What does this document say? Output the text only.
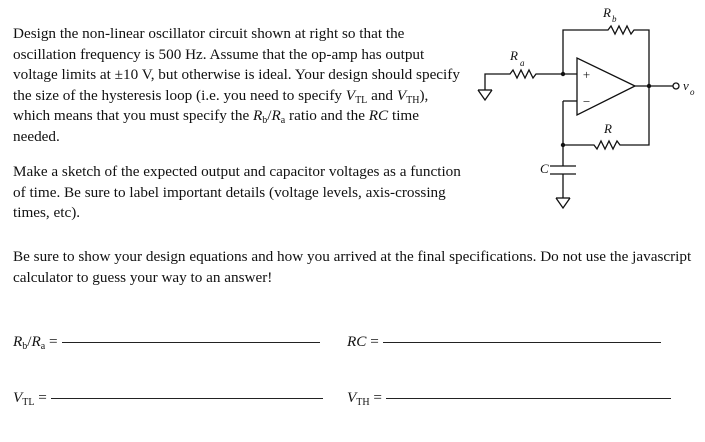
Design the non-linear oscillator circuit shown at right so that the oscillation frequency is 500 Hz. Assume that the op-amp has output voltage limits at ±10 V, but otherwise is ideal. Your design should specify the size of the hysteresis loop (i.e. you need to specify $V_{TL}$ and $V_{TH}$), which means that you must specify the $R_b/R_a$ ratio and the RC time needed.

Make a sketch of the expected output and capacitor voltages as a function of time. Be sure to label important details (voltage levels, axis-crossing times, etc).

Be sure to show your design equations and how you arrived at the final specifications. Do not use the javascript calculator to guess your way to an answer!

$R_b/R_a$ =	RC =
$V_{TL}$ =	$V_{TH}$ =
R b
R a
+
−
v o
R
C
